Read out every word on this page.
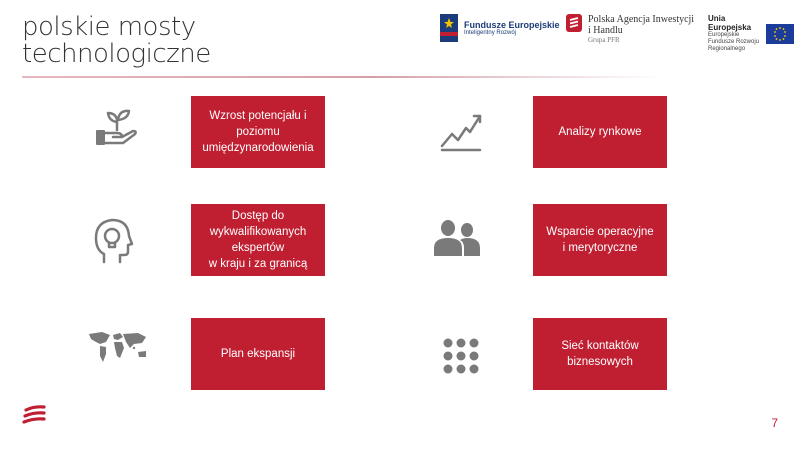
polskie mosty
technologiczne
Fundusze Europejskie
Inteligentny Rozwój
Polska Agencja Inwestycji i Handlu
Grupa PFR
Unia Europejska
Europejskie Fundusze Rozwoju Regionalnego
Wzrost potencjału i
poziomu
umiędzynarodowienia
Analizy rynkowe
Dostęp do
wykwalifikowanych
ekspertów
w kraju i za granicą
Wsparcie operacyjne
i merytoryczne
Plan ekspansji
Sieć kontaktów
biznesowych
7
